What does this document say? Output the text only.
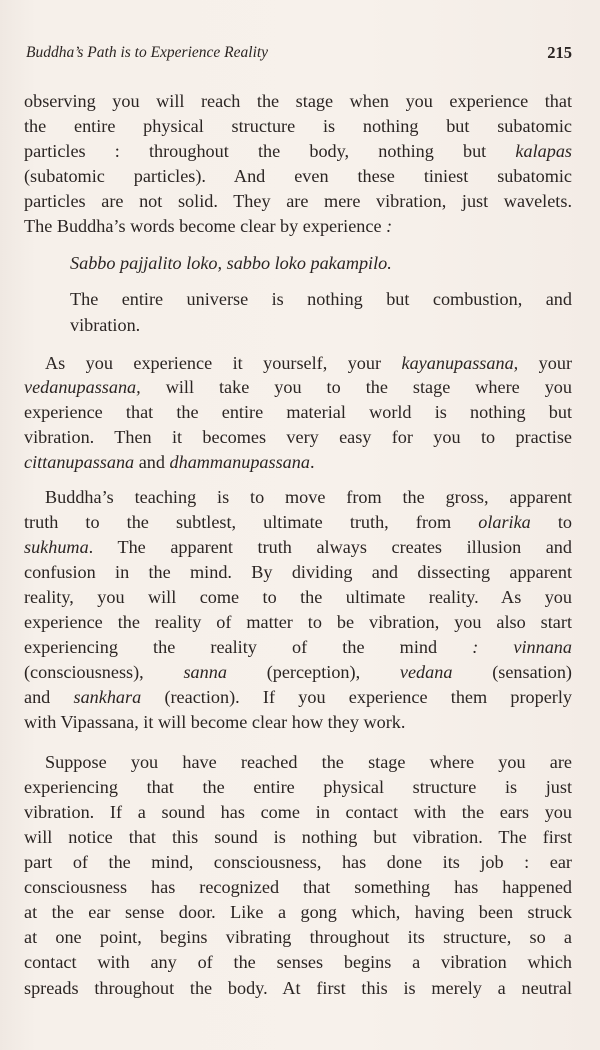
Buddha’s Path is to Experience Reality	215
observing you will reach the stage when you experience that
the entire physical structure is nothing but subatomic
particles : throughout the body, nothing but kalapas
(subatomic particles). And even these tiniest subatomic
particles are not solid. They are mere vibration, just wavelets.
The Buddha’s words become clear by experience :
Sabbo pajjalito loko, sabbo loko pakampilo.
The entire universe is nothing but combustion, and
vibration.
As you experience it yourself, your kayanupassana, your
vedanupassana, will take you to the stage where you
experience that the entire material world is nothing but
vibration. Then it becomes very easy for you to practise
cittanupassana and dhammanupassana.
Buddha’s teaching is to move from the gross, apparent
truth to the subtlest, ultimate truth, from olarika to
sukhuma. The apparent truth always creates illusion and
confusion in the mind. By dividing and dissecting apparent
reality, you will come to the ultimate reality. As you
experience the reality of matter to be vibration, you also start
experiencing the reality of the mind : vinnana
(consciousness), sanna (perception), vedana (sensation)
and sankhara (reaction). If you experience them properly
with Vipassana, it will become clear how they work.
Suppose you have reached the stage where you are
experiencing that the entire physical structure is just
vibration. If a sound has come in contact with the ears you
will notice that this sound is nothing but vibration. The first
part of the mind, consciousness, has done its job : ear
consciousness has recognized that something has happened
at the ear sense door. Like a gong which, having been struck
at one point, begins vibrating throughout its structure, so a
contact with any of the senses begins a vibration which
spreads throughout the body. At first this is merely a neutral
